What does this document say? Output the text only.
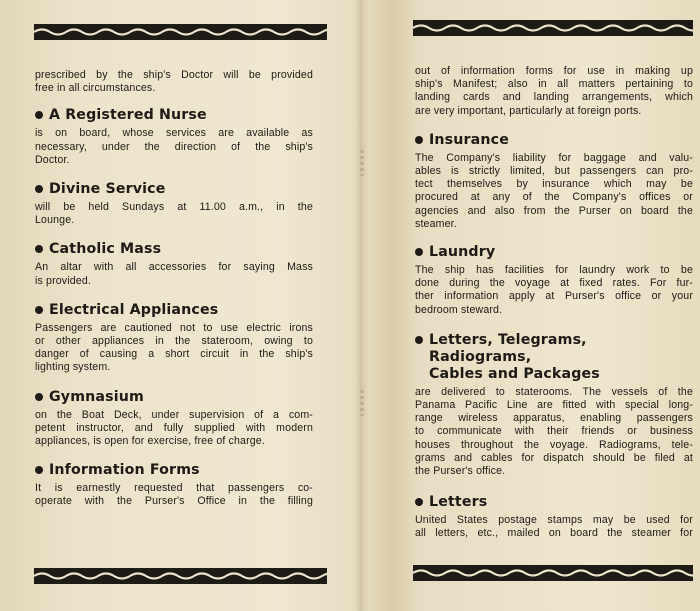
prescribed by the ship's Doctor will be provided
free in all circumstances.

A Registered Nurse

is on board, whose services are available as
necessary, under the direction of the ship's
Doctor.

Divine Service

will be held Sundays at 11.00 a.m., in the
Lounge.

Catholic Mass

An altar with all accessories for saying Mass
is provided.

Electrical Appliances

Passengers are cautioned not to use electric irons
or other appliances in the stateroom, owing to
danger of causing a short circuit in the ship's
lighting system.

Gymnasium

on the Boat Deck, under supervision of a com-
petent instructor, and fully supplied with modern
appliances, is open for exercise, free of charge.

Information Forms

It is earnestly requested that passengers co-
operate with the Purser's Office in the filling

out of information forms for use in making up
ship's Manifest; also in all matters pertaining to
landing cards and landing arrangements, which
are very important, particularly at foreign ports.

Insurance

The Company's liability for baggage and valu-
ables is strictly limited, but passengers can pro-
tect themselves by insurance which may be
procured at any of the Company's offices or
agencies and also from the Purser on board the
steamer.

Laundry

The ship has facilities for laundry work to be
done during the voyage at fixed rates. For fur-
ther information apply at Purser's office or your
bedroom steward.

Letters, Telegrams, Radiograms,
Cables and Packages

are delivered to staterooms. The vessels of the
Panama Pacific Line are fitted with special long-
range wireless apparatus, enabling passengers
to communicate with their friends or business
houses throughout the voyage. Radiograms, tele-
grams and cables for dispatch should be filed at
the Purser's office.

Letters

United States postage stamps may be used for
all letters, etc., mailed on board the steamer for
